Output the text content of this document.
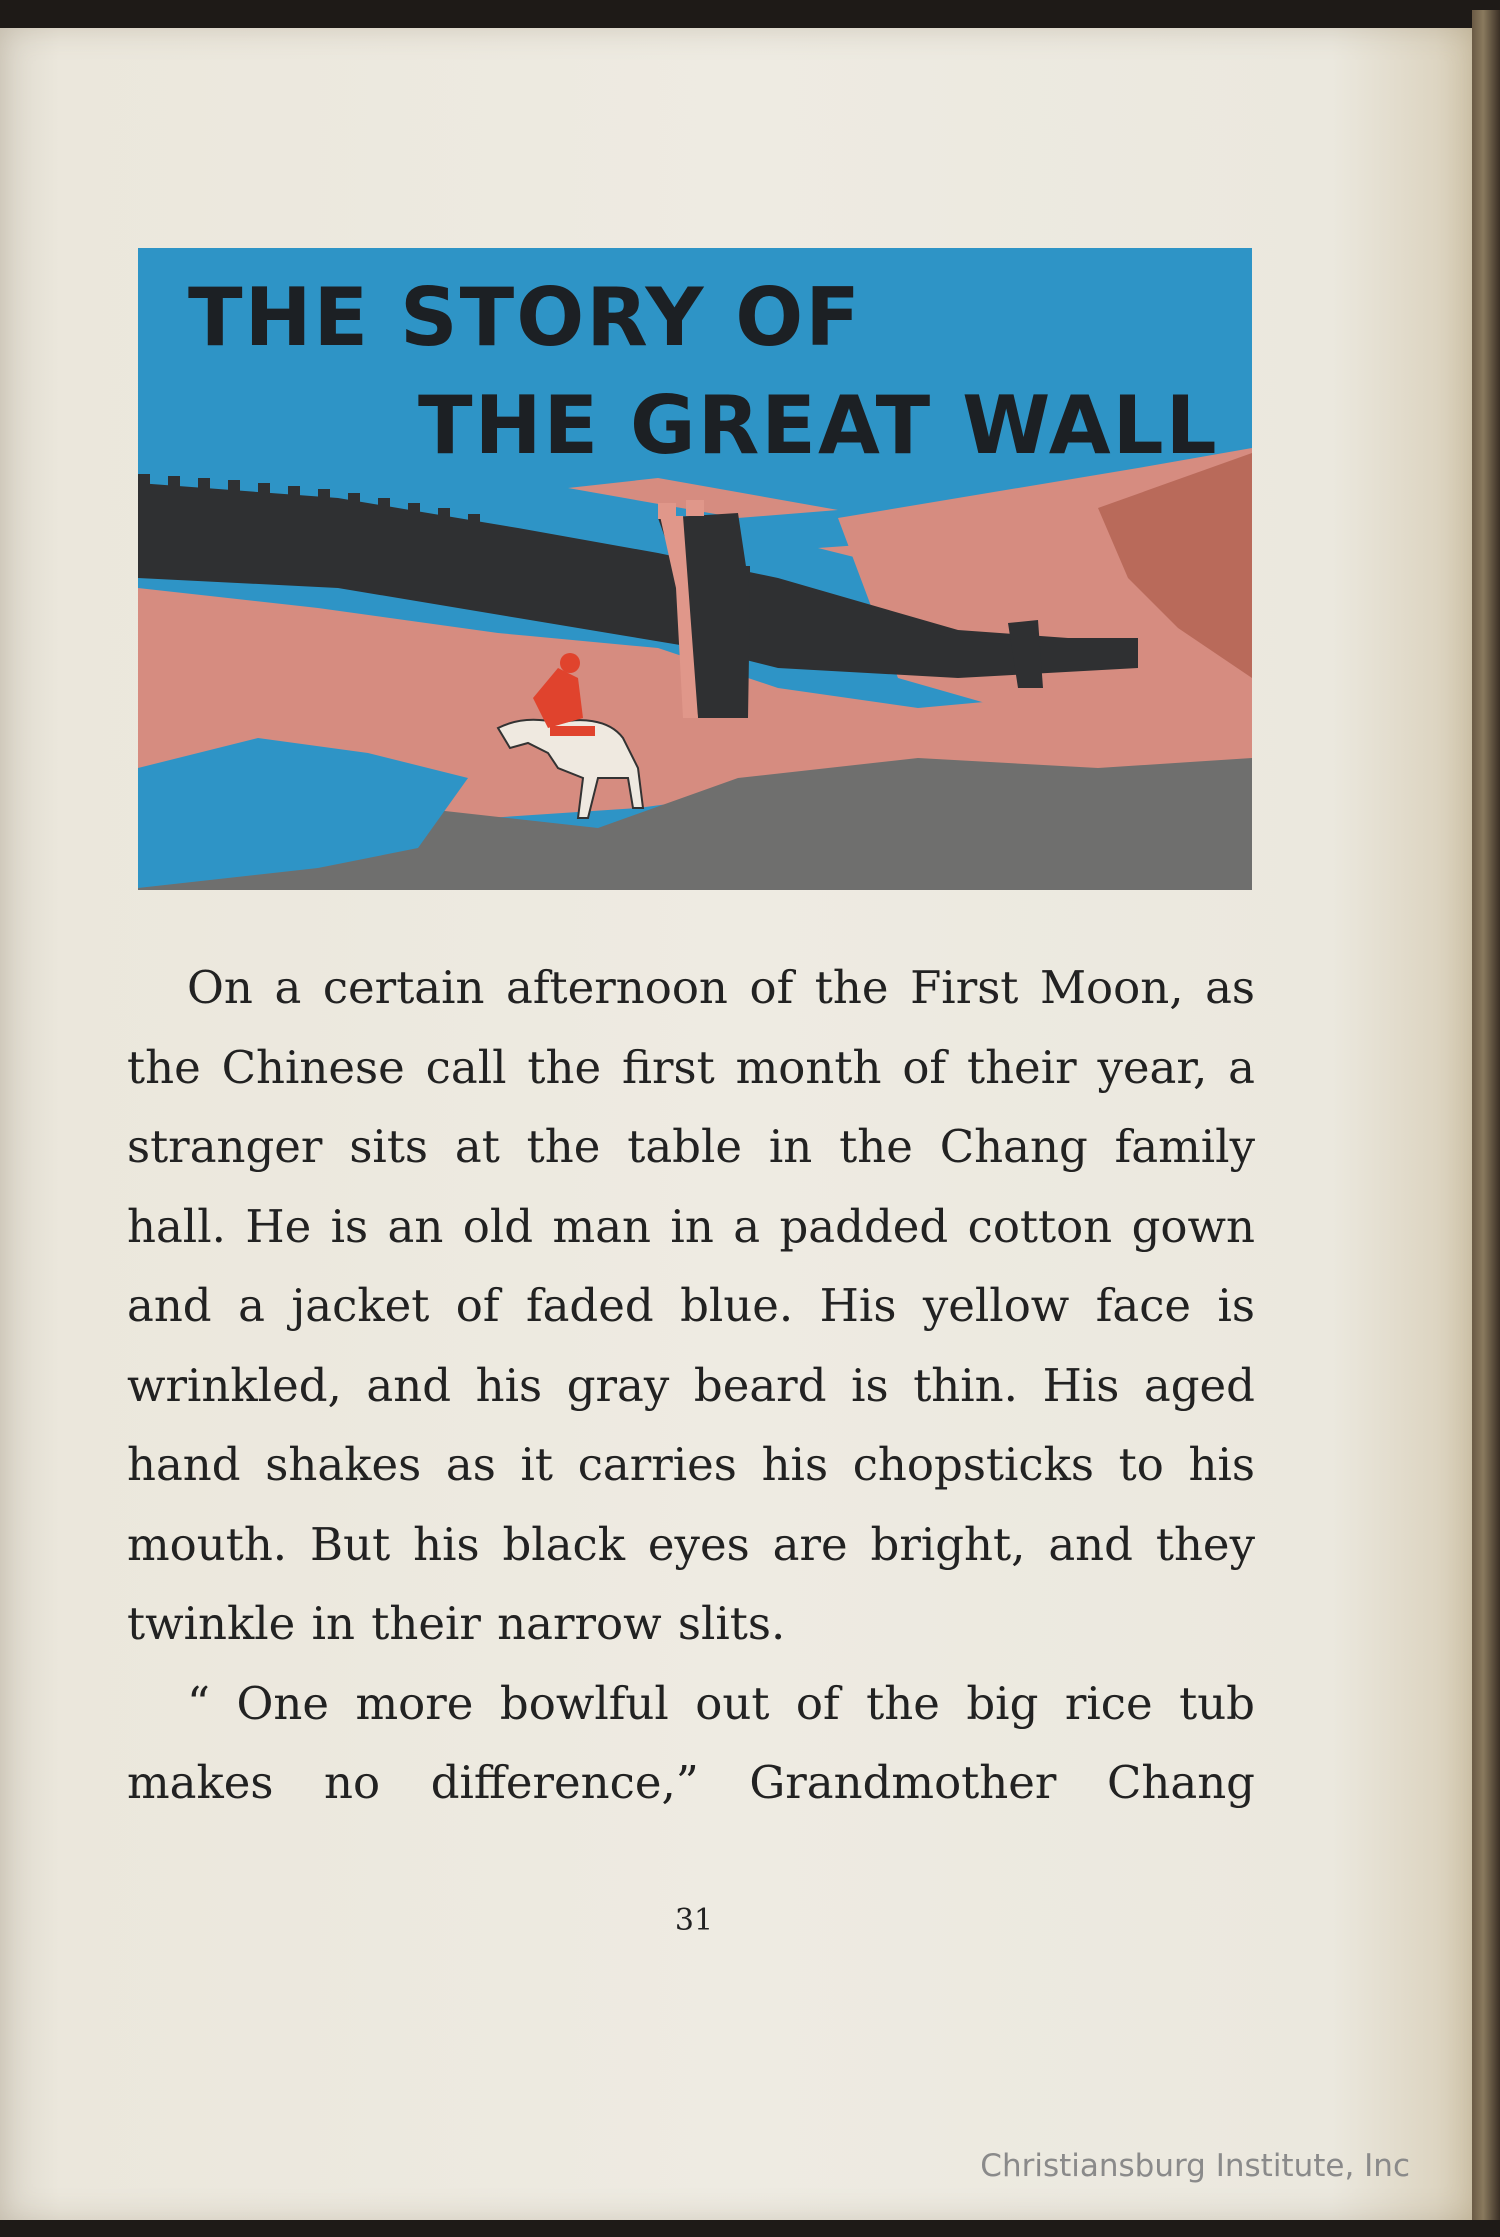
THE STORY OF
THE GREAT WALL

On a certain afternoon of the First Moon, as the Chinese call the first month of their year, a stranger sits at the table in the Chang family hall. He is an old man in a padded cotton gown and a jacket of faded blue. His yellow face is wrinkled, and his gray beard is thin. His aged hand shakes as it carries his chopsticks to his mouth. But his black eyes are bright, and they twinkle in their narrow slits.

“ One more bowlful out of the big rice tub makes no difference,” Grandmother Chang

31
Christiansburg Institute, Inc
